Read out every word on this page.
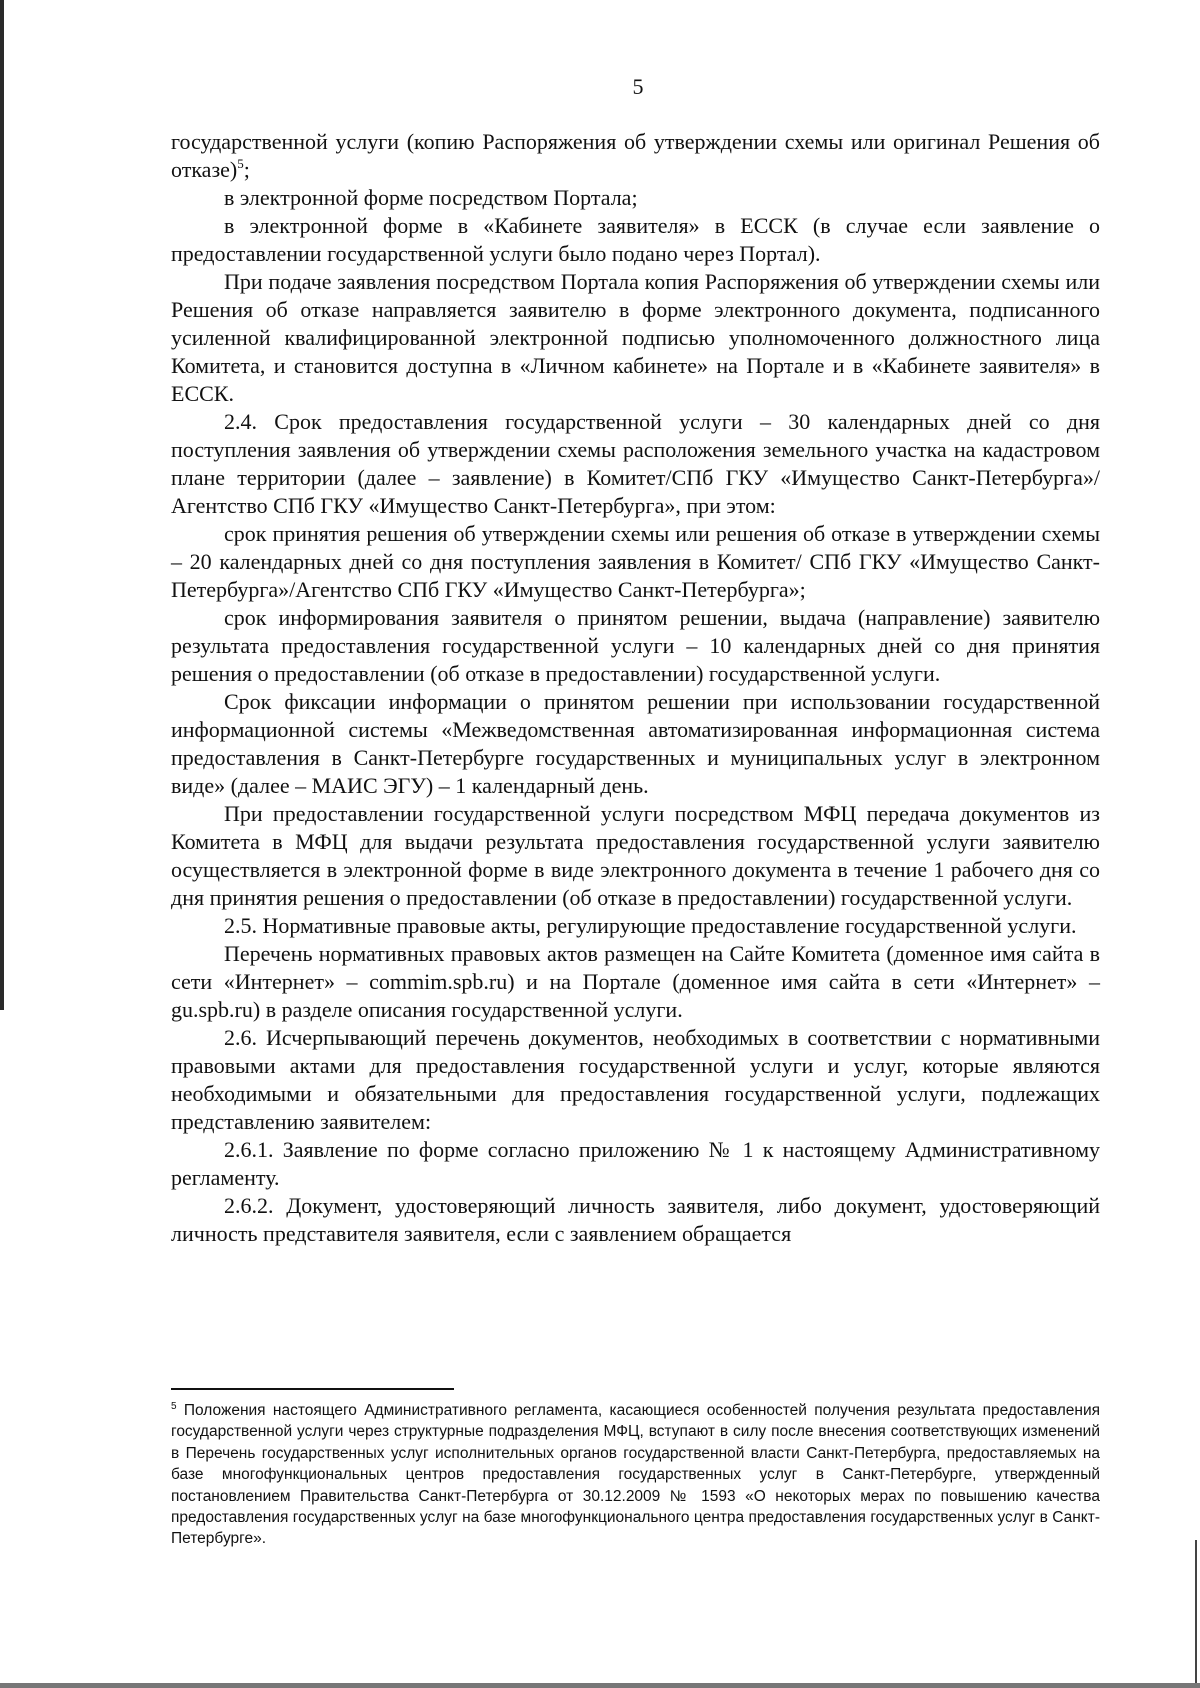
5

государственной услуги (копию Распоряжения об утверждении схемы или оригинал Решения об отказе)$^5$;

в электронной форме посредством Портала;

в электронной форме в «Кабинете заявителя» в ЕССК (в случае если заявление о предоставлении государственной услуги было подано через Портал).

При подаче заявления посредством Портала копия Распоряжения об утверждении схемы или Решения об отказе направляется заявителю в форме электронного документа, подписанного усиленной квалифицированной электронной подписью уполномоченного должностного лица Комитета, и становится доступна в «Личном кабинете» на Портале и в «Кабинете заявителя» в ЕССК.

2.4. Срок предоставления государственной услуги – 30 календарных дней со дня поступления заявления об утверждении схемы расположения земельного участка на кадастровом плане территории (далее – заявление) в Комитет/СПб ГКУ «Имущество Санкт-Петербурга»/Агентство СПб ГКУ «Имущество Санкт-Петербурга», при этом:

срок принятия решения об утверждении схемы или решения об отказе в утверждении схемы – 20 календарных дней со дня поступления заявления в Комитет/ СПб ГКУ «Имущество Санкт-Петербурга»/Агентство СПб ГКУ «Имущество Санкт-Петербурга»;

срок информирования заявителя о принятом решении, выдача (направление) заявителю результата предоставления государственной услуги – 10 календарных дней со дня принятия решения о предоставлении (об отказе в предоставлении) государственной услуги.

Срок фиксации информации о принятом решении при использовании государственной информационной системы «Межведомственная автоматизированная информационная система предоставления в Санкт-Петербурге государственных и муниципальных услуг в электронном виде» (далее – МАИС ЭГУ) – 1 календарный день.

При предоставлении государственной услуги посредством МФЦ передача документов из Комитета в МФЦ для выдачи результата предоставления государственной услуги заявителю осуществляется в электронной форме в виде электронного документа в течение 1 рабочего дня со дня принятия решения о предоставлении (об отказе в предоставлении) государственной услуги.

2.5. Нормативные правовые акты, регулирующие предоставление государственной услуги.

Перечень нормативных правовых актов размещен на Сайте Комитета (доменное имя сайта в сети «Интернет» – commim.spb.ru) и на Портале (доменное имя сайта в сети «Интернет» – gu.spb.ru) в разделе описания государственной услуги.

2.6. Исчерпывающий перечень документов, необходимых в соответствии с нормативными правовыми актами для предоставления государственной услуги и услуг, которые являются необходимыми и обязательными для предоставления государственной услуги, подлежащих представлению заявителем:

2.6.1. Заявление по форме согласно приложению № 1 к настоящему Административному регламенту.

2.6.2. Документ, удостоверяющий личность заявителя, либо документ, удостоверяющий личность представителя заявителя, если с заявлением обращается

$^5$ Положения настоящего Административного регламента, касающиеся особенностей получения результата предоставления государственной услуги через структурные подразделения МФЦ, вступают в силу после внесения соответствующих изменений в Перечень государственных услуг исполнительных органов государственной власти Санкт-Петербурга, предоставляемых на базе многофункциональных центров предоставления государственных услуг в Санкт-Петербурге, утвержденный постановлением Правительства Санкт-Петербурга от 30.12.2009 № 1593 «О некоторых мерах по повышению качества предоставления государственных услуг на базе многофункционального центра предоставления государственных услуг в Санкт-Петербурге».
